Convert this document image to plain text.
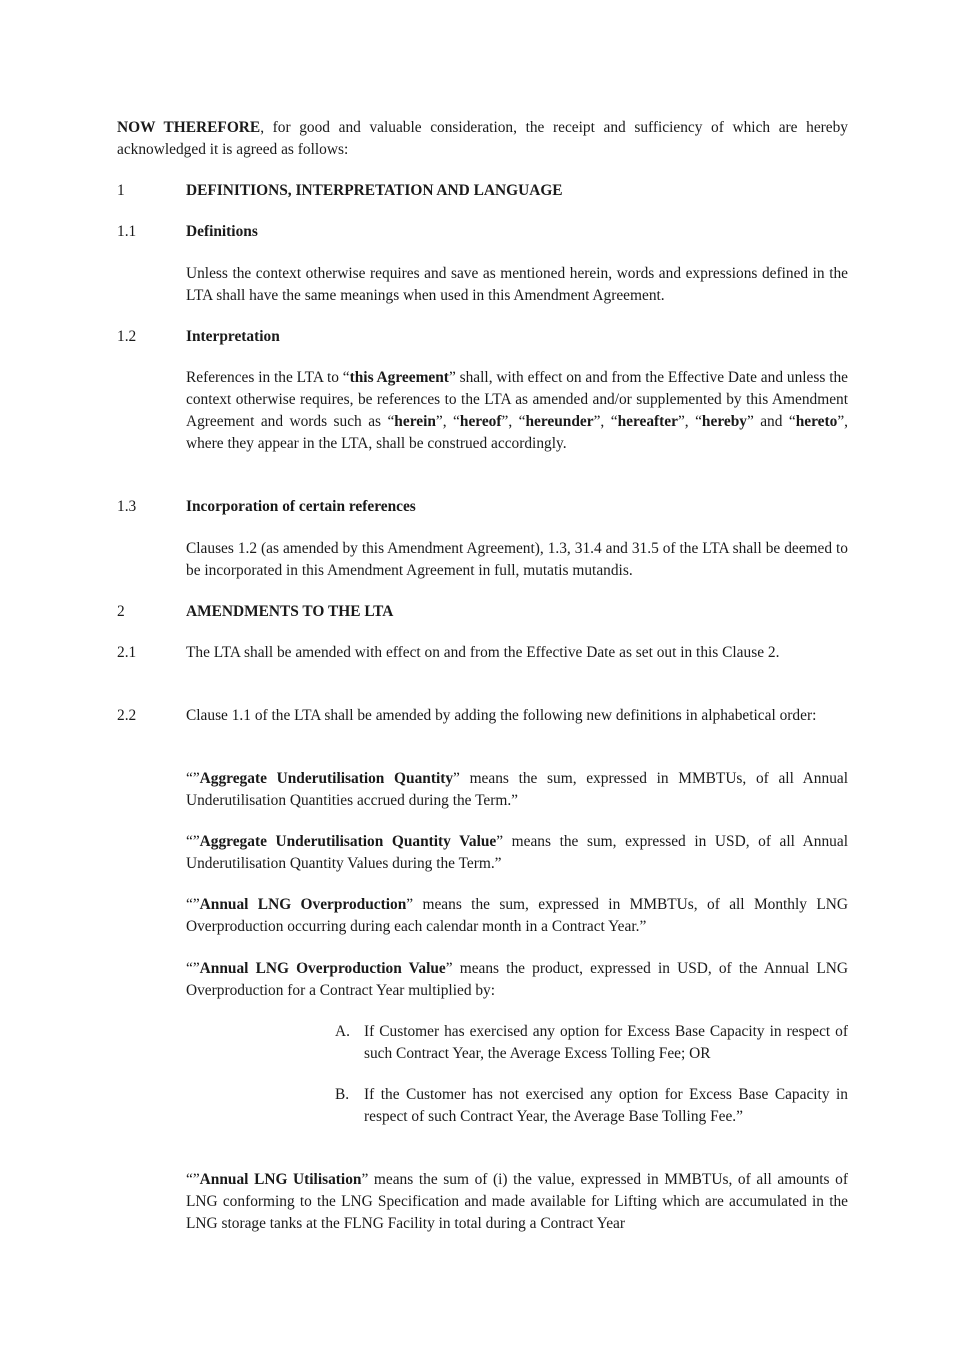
NOW THEREFORE, for good and valuable consideration, the receipt and sufficiency of which are hereby acknowledged it is agreed as follows:

1	DEFINITIONS, INTERPRETATION AND LANGUAGE

1.1	Definitions

Unless the context otherwise requires and save as mentioned herein, words and expressions defined in the LTA shall have the same meanings when used in this Amendment Agreement.

1.2	Interpretation

References in the LTA to “this Agreement” shall, with effect on and from the Effective Date and unless the context otherwise requires, be references to the LTA as amended and/or supplemented by this Amendment Agreement and words such as “herein”, “hereof”, “hereunder”, “hereafter”, “hereby” and “hereto”, where they appear in the LTA, shall be construed accordingly.

1.3	Incorporation of certain references

Clauses 1.2 (as amended by this Amendment Agreement), 1.3, 31.4 and 31.5 of the LTA shall be deemed to be incorporated in this Amendment Agreement in full, mutatis mutandis.

2	AMENDMENTS TO THE LTA

2.1	The LTA shall be amended with effect on and from the Effective Date as set out in this Clause 2.

2.2	Clause 1.1 of the LTA shall be amended by adding the following new definitions in alphabetical order:

“”Aggregate Underutilisation Quantity” means the sum, expressed in MMBTUs, of all Annual Underutilisation Quantities accrued during the Term.”

“”Aggregate Underutilisation Quantity Value” means the sum, expressed in USD, of all Annual Underutilisation Quantity Values during the Term.”

“”Annual LNG Overproduction” means the sum, expressed in MMBTUs, of all Monthly LNG Overproduction occurring during each calendar month in a Contract Year.”

“”Annual LNG Overproduction Value” means the product, expressed in USD, of the Annual LNG Overproduction for a Contract Year multiplied by:

A. If Customer has exercised any option for Excess Base Capacity in respect of such Contract Year, the Average Excess Tolling Fee; OR

B. If the Customer has not exercised any option for Excess Base Capacity in respect of such Contract Year, the Average Base Tolling Fee.”

“”Annual LNG Utilisation” means the sum of (i) the value, expressed in MMBTUs, of all amounts of LNG conforming to the LNG Specification and made available for Lifting which are accumulated in the LNG storage tanks at the FLNG Facility in total during a Contract Year
